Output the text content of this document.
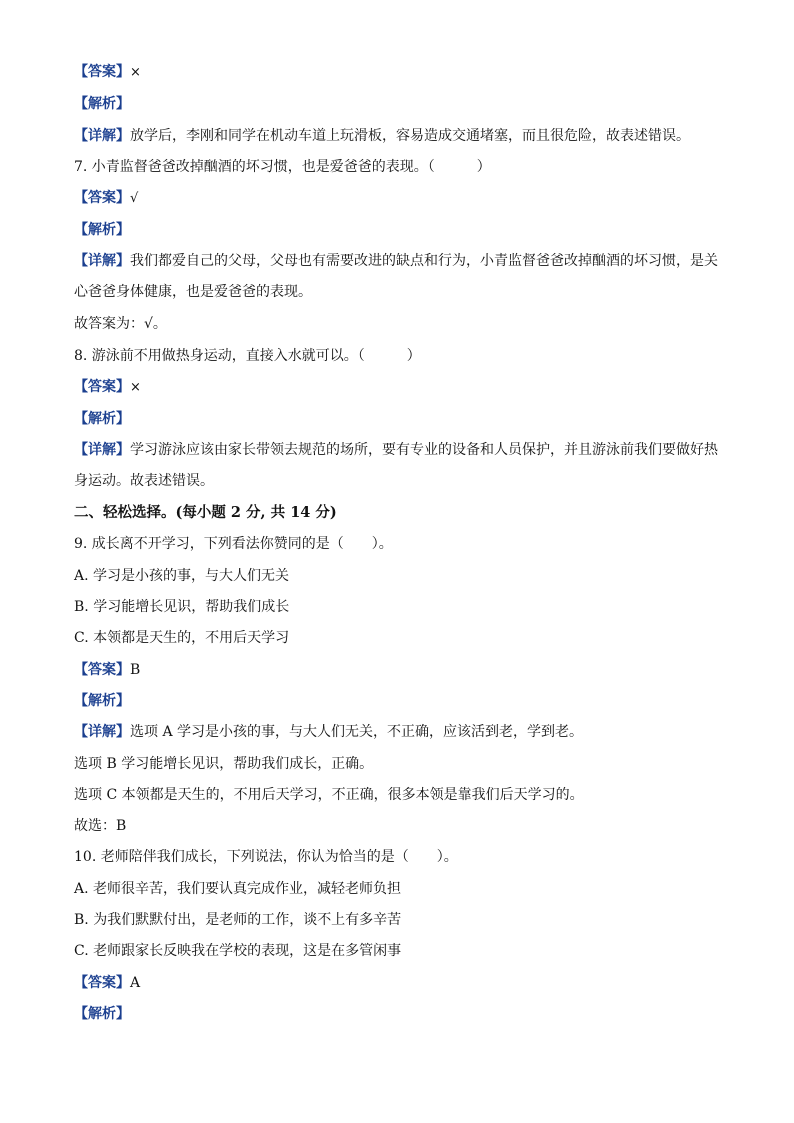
【答案】×
【解析】
【详解】放学后，李刚和同学在机动车道上玩滑板，容易造成交通堵塞，而且很危险，故表述错误。
7. 小青监督爸爸改掉酗酒的坏习惯，也是爱爸爸的表现。（　　　）
【答案】√
【解析】
【详解】我们都爱自己的父母，父母也有需要改进的缺点和行为，小青监督爸爸改掉酗酒的坏习惯，是关心爸爸身体健康，也是爱爸爸的表现。
故答案为：√。
8. 游泳前不用做热身运动，直接入水就可以。（　　　）
【答案】×
【解析】
【详解】学习游泳应该由家长带领去规范的场所，要有专业的设备和人员保护，并且游泳前我们要做好热身运动。故表述错误。
二、轻松选择。(每小题 2 分, 共 14 分)
9. 成长离不开学习，下列看法你赞同的是（　　）。
A. 学习是小孩的事，与大人们无关
B. 学习能增长见识，帮助我们成长
C. 本领都是天生的，不用后天学习
【答案】B
【解析】
【详解】选项 A 学习是小孩的事，与大人们无关，不正确，应该活到老，学到老。
选项 B 学习能增长见识，帮助我们成长，正确。
选项 C 本领都是天生的，不用后天学习，不正确，很多本领是靠我们后天学习的。
故选：B
10. 老师陪伴我们成长，下列说法，你认为恰当的是（　　）。
A. 老师很辛苦，我们要认真完成作业，减轻老师负担
B. 为我们默默付出，是老师的工作，谈不上有多辛苦
C. 老师跟家长反映我在学校的表现，这是在多管闲事
【答案】A
【解析】
